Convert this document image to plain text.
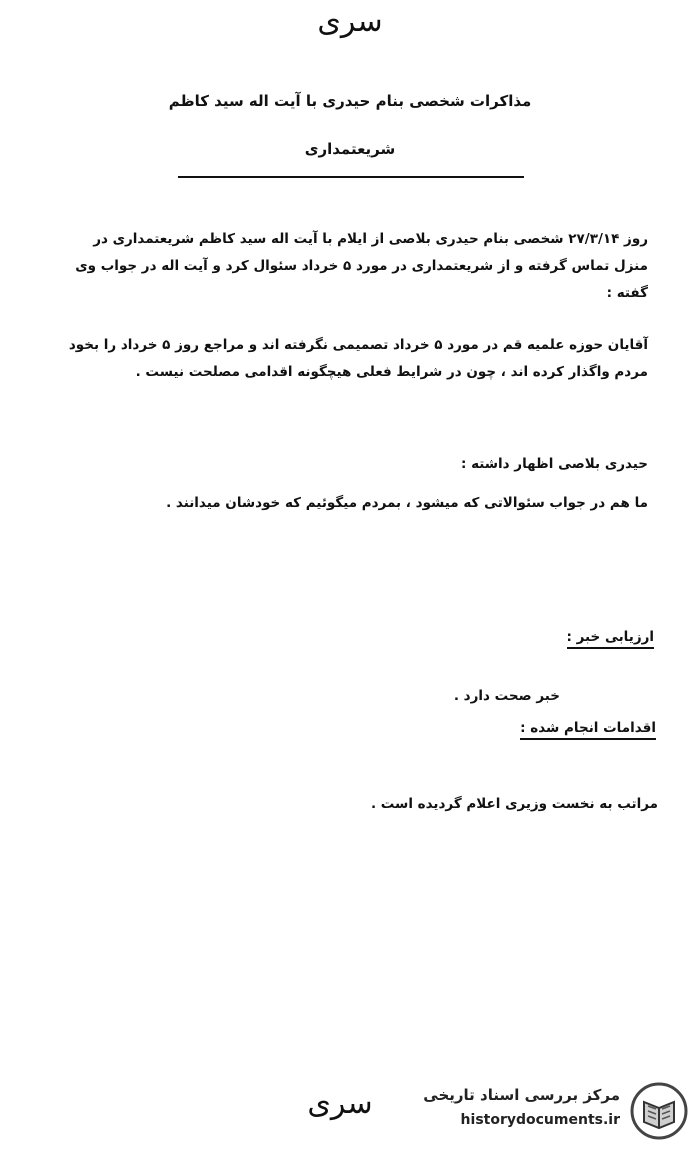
سری
مذاکرات شخصی بنام حیدری با آیت اله سید کاظم
شریعتمداری
روز ۲۷/۳/۱۴ شخصی بنام حیدری بلاصی از ایلام با آیت اله سید کاظم شریعتمداری در منزل تماس گرفته و از شریعتمداری در مورد ۵ خرداد سئوال کرد و آیت اله در جواب وی گفته :
آقایان حوزه علمیه قم در مورد ۵ خرداد تصمیمی نگرفته اند و مراجع روز ۵ خرداد را بخود مردم واگذار کرده اند ، چون در شرایط فعلی هیچگونه اقدامی مصلحت نیست .
حیدری بلاصی اظهار داشته :
ما هم در جواب سئوالاتی که میشود ، بمردم میگوئیم که خودشان میدانند .
ارزیابی خبر :
خبر صحت دارد .
اقدامات انجام شده :
مراتب به نخست وزیری اعلام گردیده است .
سری	مرکز بررسی اسناد تاریخی
historydocuments.ir
